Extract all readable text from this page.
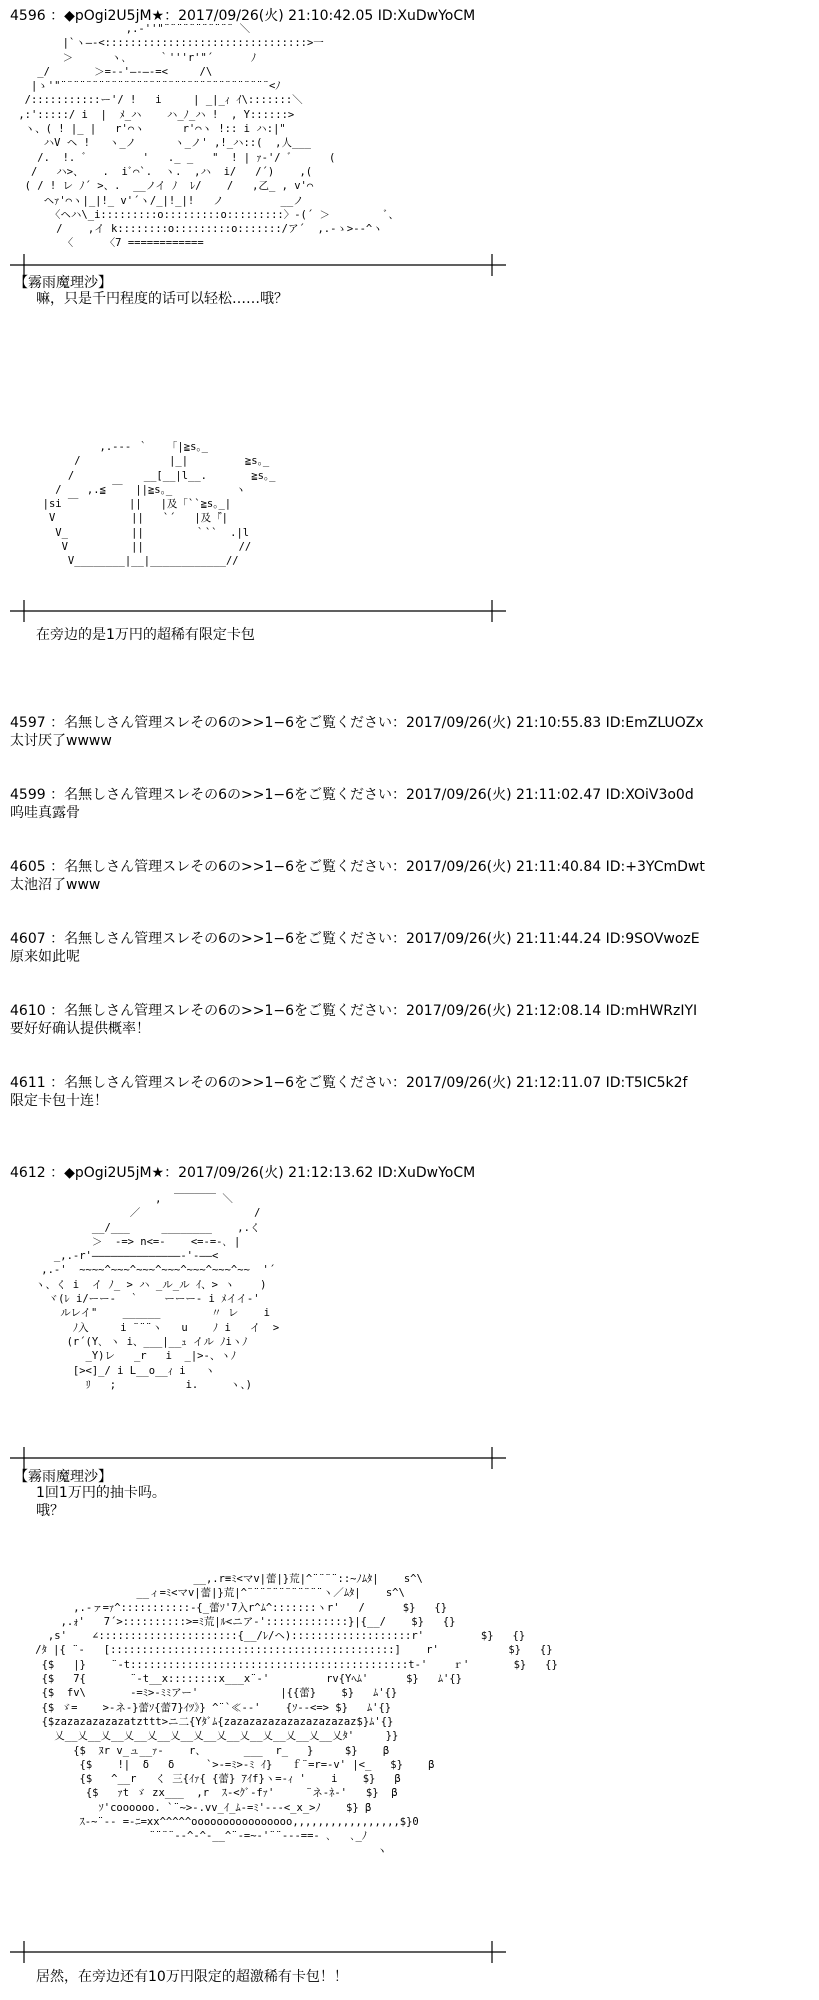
4596 ：◆pOgi2U5jM★：2017/09/26(火) 21:10:42.05 ID:XuDwYoCM
,.-''"¨¨¨¨¨¨¨¨¨¨¨ ＼
|`ヽ―‐<::::::::::::::::::::::::::::::::>一
＞      ヽ､     ｀'''r'"´      ﾉ
_/       ＞=-‐'―‐―‐=<     /\
|ゝ'"¨¨¨¨¨¨¨¨¨¨¨¨¨¨¨¨¨¨¨¨¨¨¨¨¨¨¨¨¨¨¨¨¨<ﾉ
/:::::::::::ー'/ !   i     | _|_ｨ ｲ\:::::::＼
,:':::::/ i  |  ﾒ_ハ    ハ_ﾉ_ハ !  , Y::::::>
ヽ、( ! |_ |   r'⌒ヽ      r'⌒ヽ !:: i ハ:|"
ハV ヘ !   ヽ_ノ      ヽ_ノ' ,!_ハ::(  ,人___
/.  !. ゛        '   ._ _   "  ! | ｧ‐'/ ゛     (
/   ハ>、   .  iﾞ⌒`.  ヽ.  ,ハ  i/   /´)    ,(
( / ! レ ﾉ´ >、.  __ノイ ﾉ  ﾚ/    /   ,乙_ , v'⌒
ヘｧ'⌒ヽ|_|!_ v'´ヽ/_|!_|!   ノ         __ノ
〈ヘハ\_i:::::::::o:::::::::o:::::::::〉-(´ ＞         ﾞ、
/    ,イ k::::::::o:::::::::o:::::::/ア´  ,.-ゝ>-‐^ヽ
〈     〈7 ============
【霧雨魔理沙】
嘛，只是千円程度的话可以轻松……哦？
,.-‐‐ ｀   「|≧s｡_
/              |_|         ≧s｡_
/           __[__|l__.       ≧s｡_
/    ,.≦ ￣  ||≧s｡_          ヽ
|si ￣        ||   |及「``≧s｡_|
V            ||   `´   |及「゙|
V_          ||        ｀``  .|l
V          ||               //
V________|__|____________//
在旁边的是1万円的超稀有限定卡包
4597 ：名無しさん管理スレその6の>>1−6をご覧ください：2017/09/26(火) 21:10:55.83 ID:EmZLUOZx
太讨厌了wwww
4599 ：名無しさん管理スレその6の>>1−6をご覧ください：2017/09/26(火) 21:11:02.47 ID:XOiV3o0d
呜哇真露骨
4605 ：名無しさん管理スレその6の>>1−6をご覧ください：2017/09/26(火) 21:11:40.84 ID:+3YCmDwt
太池沼了www
4607 ：名無しさん管理スレその6の>>1−6をご覧ください：2017/09/26(火) 21:11:44.24 ID:9SOVwozE
原来如此呢
4610 ：名無しさん管理スレその6の>>1−6をご覧ください：2017/09/26(火) 21:12:08.14 ID:mHWRzIYI
要好好确认提供概率！
4611 ：名無しさん管理スレその6の>>1−6をご覧ください：2017/09/26(火) 21:12:11.07 ID:T5IC5k2f
限定卡包十连！
4612 ：◆pOgi2U5jM★：2017/09/26(火) 21:12:13.62 ID:XuDwYoCM
,  ￣￣￣￣ ＼
／                  /
__/___     ________    ,.く
＞  -=> n<=-    <=-=-､ |
_,.-r'――――――――――――――-'-――<
,.‐'  ~~~~^~~~^~~~^~~~^~~~^~~~^~~  '´
ヽ、く i  イ ﾉ_ > ハ _ル_ル ｲ、> ヽ    )
ヾ(ﾚ i/ーー‐  ｀    ーーー‐ i ﾒイイ‐'
ルレイ"    ______        〃 レ    i
ﾉ入     i ¨¨¨ヽ   u    ﾉ i   イ  >
(r´(Y､ ヽ i、___|__ｭ イル ﾉiヽﾉ
_Y)レ   _r   i  _|>-、ヽﾉ
[><]_/ i L__o__ｨ i   ヽ
ﾘ   ;           i.     ヽ、)
【霧雨魔理沙】
1回1万円的抽卡吗。
哦？
__,.r≡ﾐ<マv|蕾|}荒|^¨¨¨¨::~ﾉﾑﾀ|    s^\
__ィ=ﾐ<マv|蕾|}荒|^¨¨¨¨¨¨¨¨¨¨¨¨ヽ／ﾑﾀ|    s^\
,.-ァ=ｧ^:::::::::::-{_蕾ｿ'7入r^ﾑ^:::::::ヽr'   /      $}   {}
,.ｫ'   7´>::::::::::>=ﾐ荒|ﾙ<ニア-':::::::::::::}|{__/    $}   {}
,s'    ∠::::::::::::::::::::::{__/ﾚ/ヘ):::::::::::::::::::r'         $}   {}
/ﾀ |{ ¨‐   [:::::::::::::::::::::::::::::::::::::::::::::]    r'           $}   {}
{$   |}    ¨‐t::::::::::::::::::::::::::::::::::::::::::::t‐'    ｒ'       $}   {}
{$   7{       ¨‐t__x::::::::x___x¨‐'         rv{Yﾍﾑ'      $}   ﾑ'{}
{$  fv\       -=ﾐ>-ﾐﾐアー'             |{{蕾}    $}   ﾑ'{}
{$ ゞ=    >-ネ-}蕾ｿ{蕾7}ｲﾂ》} ^¨`≪-‐'    {ｿ-‐<=> $}   ﾑ'{}
{$zazazazazazatzttt>ニ二{Yﾀﾞﾑ{zazazazazazazazazazaz$}ﾑ'{}
乂__乂__乂__乂__乂__乂__乂__乂__乂__乂__乂__乂__乂ﾀ'     }}
{$  ﾇr v_ュ__ｧ-    r、      ___  r_   }     $}    β
{$    !|  δ   δ     `>-=ﾐ>-ﾐ ｲ}   ｆ¨=r=-v' |<_   $}    β
{$   ^__r   く 三{ｲｧ{ {蕾} ｱｲf}ヽ=-ｨ '    i    $}   β
{$   ｧt ゞ zx___  ,r  ｽ-<ｸﾞ-fｧ'     ¨ネ-ﾈ-'   $}  β
ｿ'coooooo. `¨~>-.vv_ｲ_ﾑ-=ﾐ'-‐-<_x_>ﾉ    $} β
ｽ-~¨-- =-ﾆ=xx^^^^^oooooooooooooooo,,,,,,,,,,,,,,,,,$}0
¨¨¨¨-‐^-^-__^¨‐=~-'¨¨‐-‐==- ､   ､_ﾉ
ヽ
居然，在旁边还有10万円限定的超激稀有卡包！！
